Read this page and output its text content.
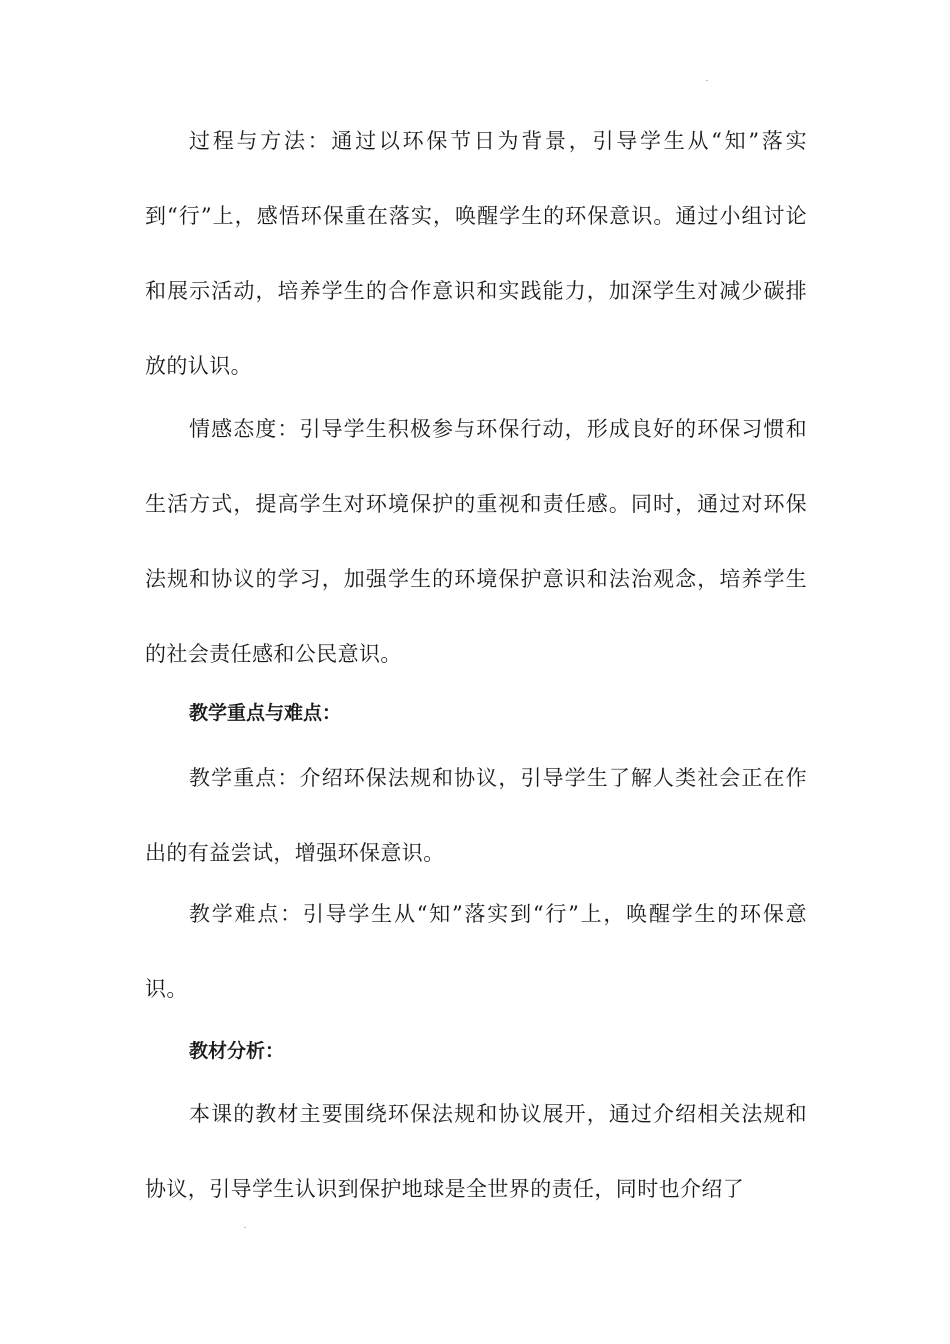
过程与方法：通过以环保节日为背景，引导学生从“知”落实到“行”上，感悟环保重在落实，唤醒学生的环保意识。通过小组讨论和展示活动，培养学生的合作意识和实践能力，加深学生对减少碳排放的认识。

情感态度：引导学生积极参与环保行动，形成良好的环保习惯和生活方式，提高学生对环境保护的重视和责任感。同时，通过对环保法规和协议的学习，加强学生的环境保护意识和法治观念，培养学生的社会责任感和公民意识。

教学重点与难点：

教学重点：介绍环保法规和协议，引导学生了解人类社会正在作出的有益尝试，增强环保意识。

教学难点：引导学生从“知”落实到“行”上，唤醒学生的环保意识。

教材分析：

本课的教材主要围绕环保法规和协议展开，通过介绍相关法规和协议，引导学生认识到保护地球是全世界的责任，同时也介绍了
